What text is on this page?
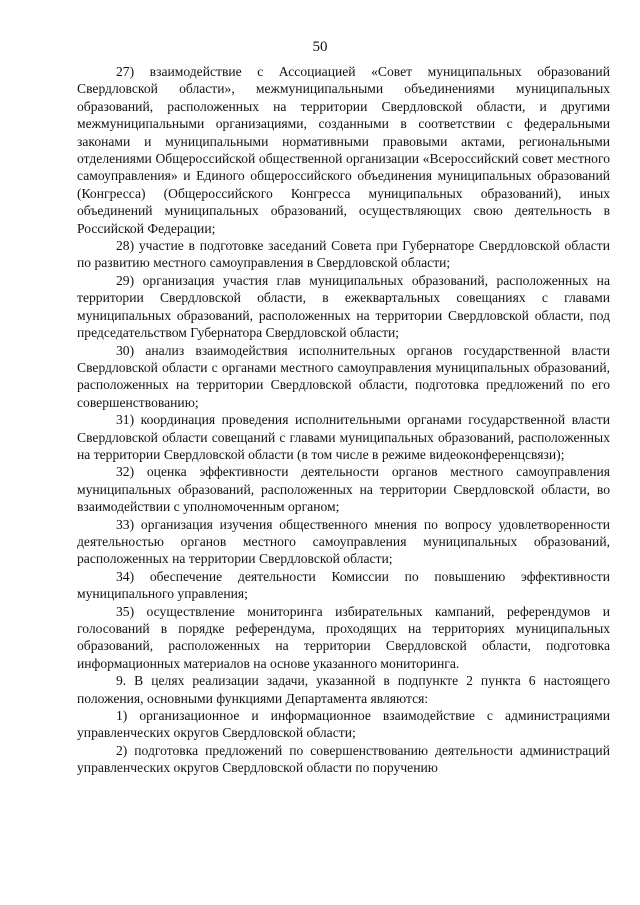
50

27) взаимодействие с Ассоциацией «Совет муниципальных образований Свердловской области», межмуниципальными объединениями муниципальных образований, расположенных на территории Свердловской области, и другими межмуниципальными организациями, созданными в соответствии с федеральными законами и муниципальными нормативными правовыми актами, региональными отделениями Общероссийской общественной организации «Всероссийский совет местного самоуправления» и Единого общероссийского объединения муниципальных образований (Конгресса) (Общероссийского Конгресса муниципальных образований), иных объединений муниципальных образований, осуществляющих свою деятельность в Российской Федерации;

28) участие в подготовке заседаний Совета при Губернаторе Свердловской области по развитию местного самоуправления в Свердловской области;

29) организация участия глав муниципальных образований, расположенных на территории Свердловской области, в ежеквартальных совещаниях с главами муниципальных образований, расположенных на территории Свердловской области, под председательством Губернатора Свердловской области;

30) анализ взаимодействия исполнительных органов государственной власти Свердловской области с органами местного самоуправления муниципальных образований, расположенных на территории Свердловской области, подготовка предложений по его совершенствованию;

31) координация проведения исполнительными органами государственной власти Свердловской области совещаний с главами муниципальных образований, расположенных на территории Свердловской области (в том числе в режиме видеоконференцсвязи);

32) оценка эффективности деятельности органов местного самоуправления муниципальных образований, расположенных на территории Свердловской области, во взаимодействии с уполномоченным органом;

33) организация изучения общественного мнения по вопросу удовлетворенности деятельностью органов местного самоуправления муниципальных образований, расположенных на территории Свердловской области;

34) обеспечение деятельности Комиссии по повышению эффективности муниципального управления;

35) осуществление мониторинга избирательных кампаний, референдумов и голосований в порядке референдума, проходящих на территориях муниципальных образований, расположенных на территории Свердловской области, подготовка информационных материалов на основе указанного мониторинга.

9. В целях реализации задачи, указанной в подпункте 2 пункта 6 настоящего положения, основными функциями Департамента являются:

1) организационное и информационное взаимодействие с администрациями управленческих округов Свердловской области;

2) подготовка предложений по совершенствованию деятельности администраций управленческих округов Свердловской области по поручению
